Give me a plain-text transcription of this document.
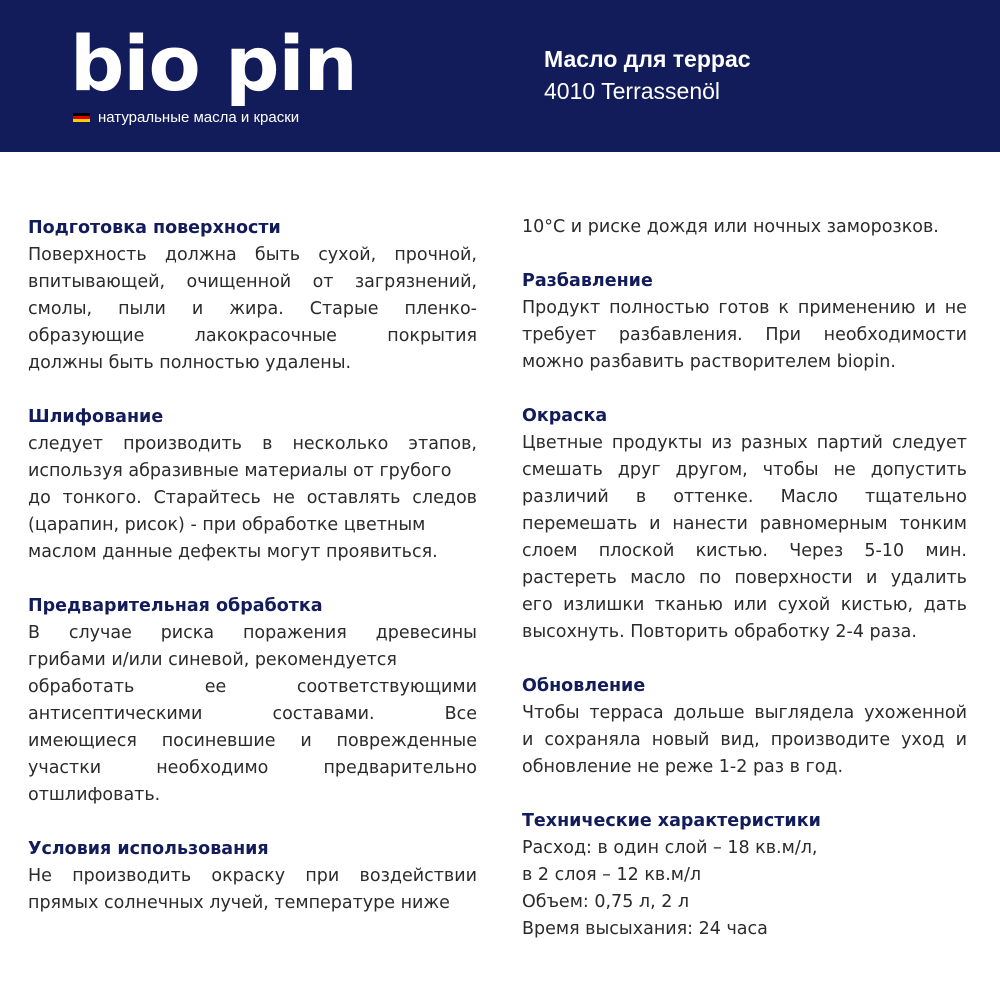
bio pin
натуральные масла и краски
Масло для террас
4010 Terrassenöl
Подготовка поверхности

Поверхность должна быть сухой, прочной,
впитывающей, очищенной от загрязнений,
смолы, пыли и жира. Старые пленко-
образующие	лакокрасочные	покрытия
должны быть полностью удалены.

Шлифование

следует производить в несколько этапов,
используя абразивные материалы от грубого
до тонкого. Старайтесь не оставлять следов
(царапин, рисок) - при обработке цветным
маслом данные дефекты могут проявиться.

Предварительная обработка

В случае риска поражения древесины
грибами и/или синевой, рекомендуется
обработать	ее	соответствующими
антисептическими	составами.	Все
имеющиеся посиневшие и поврежденные
участки	необходимо	предварительно
отшлифовать.

Условия использования

Не производить окраску при воздействии
прямых солнечных лучей, температуре ниже

10°С и риске дождя или ночных заморозков.

Разбавление

Продукт полностью готов к применению и не
требует разбавления. При необходимости
можно разбавить растворителем biopin.

Окраска

Цветные продукты из разных партий следует
смешать друг другом, чтобы не допустить
различий в оттенке. Масло тщательно
перемешать и нанести равномерным тонким
слоем плоской кистью. Через 5-10 мин.
растереть масло по поверхности и удалить
его излишки тканью или сухой кистью, дать
высохнуть. Повторить обработку 2-4 раза.

Обновление

Чтобы терраса дольше выглядела ухоженной
и сохраняла новый вид, производите уход и
обновление не реже 1-2 раз в год.

Технические характеристики

Расход: в один слой – 18 кв.м/л,
в 2 слоя – 12 кв.м/л
Объем: 0,75 л, 2 л
Время высыхания: 24 часа
